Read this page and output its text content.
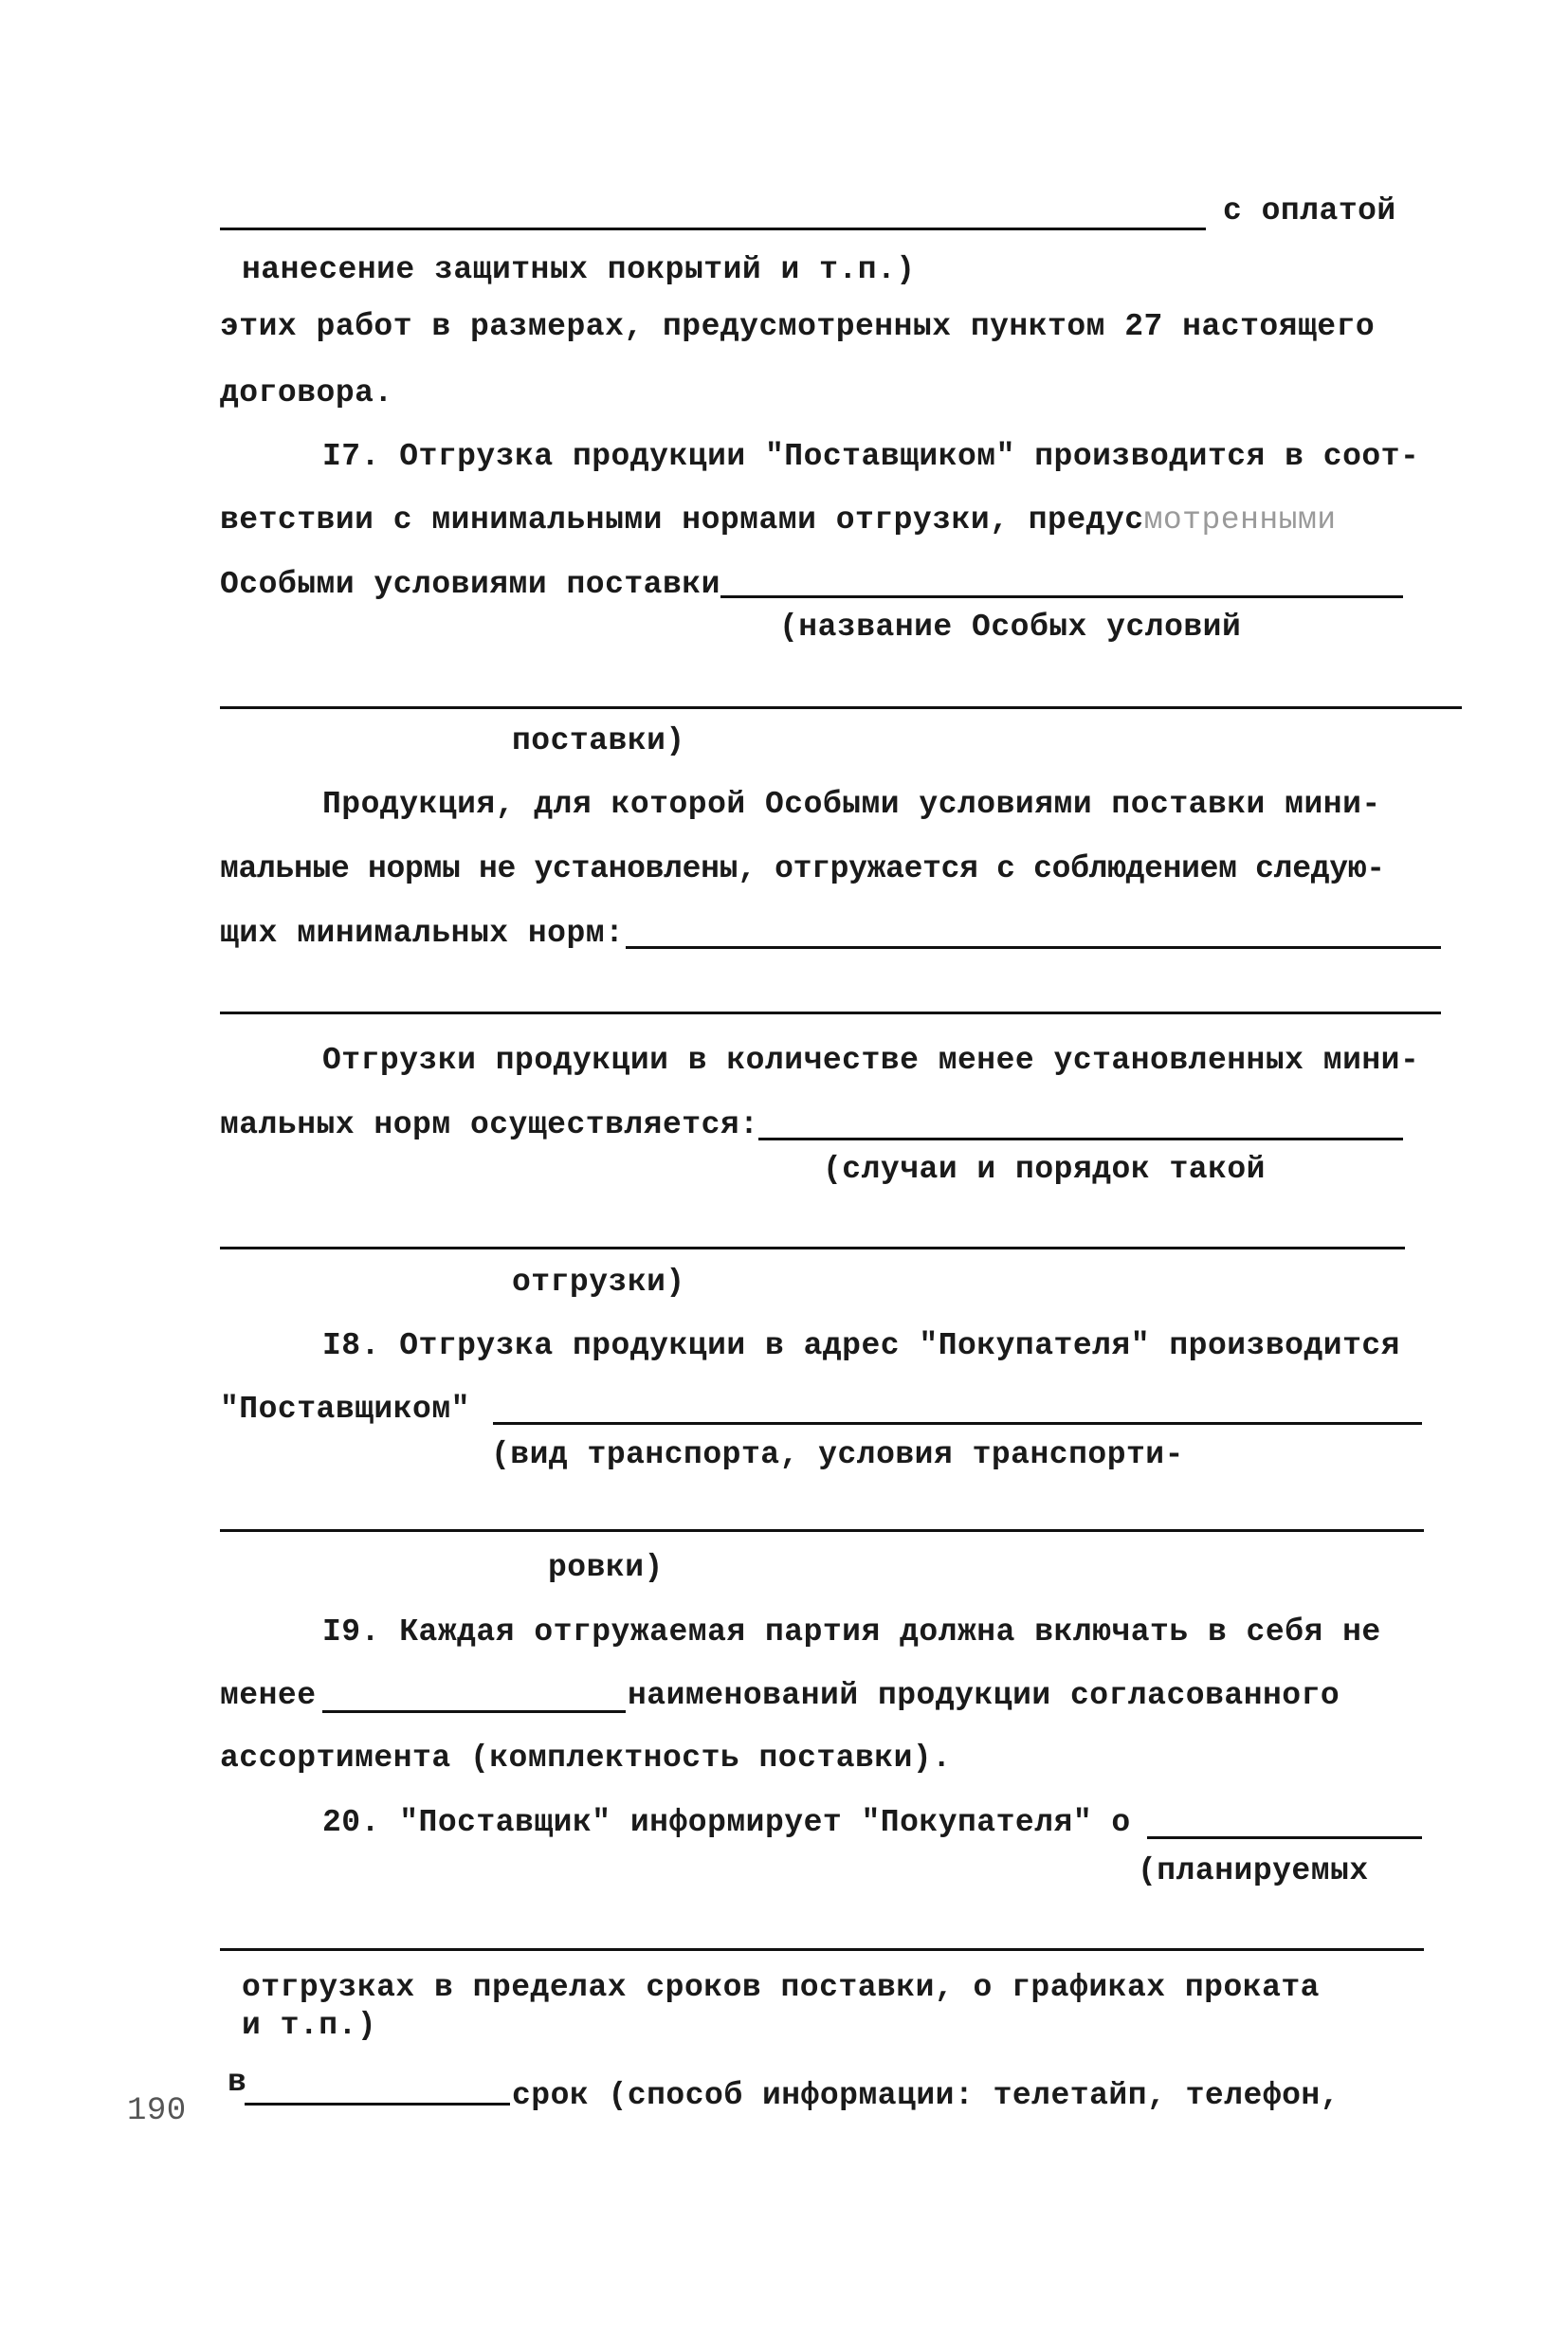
с оплатой
нанесение защитных покрытий и т.п.)
этих работ в размерах, предусмотренных пунктом 27 настоящего
договора.
I7. Отгрузка продукции "Поставщиком" производится в соот-
ветствии с минимальными нормами отгрузки, предусмотренными
Особыми условиями поставки
(название Особых условий
поставки)
Продукция, для которой Особыми условиями поставки мини-
мальные нормы не установлены, отгружается с соблюдением следую-
щих минимальных норм:
Отгрузки продукции в количестве менее установленных мини-
мальных норм осуществляется:
(случаи и порядок такой
отгрузки)
I8. Отгрузка продукции в адрес "Покупателя" производится
"Поставщиком"
(вид транспорта, условия транспорти-
ровки)
I9. Каждая отгружаемая партия должна включать в себя не
менее	наименований продукции согласованного
ассортимента (комплектность поставки).
20. "Поставщик" информирует "Покупателя" о
(планируемых
отгрузках в пределах сроков поставки, о графиках проката
и т.п.)
в	срок (способ информации: телетайп, телефон,
190
